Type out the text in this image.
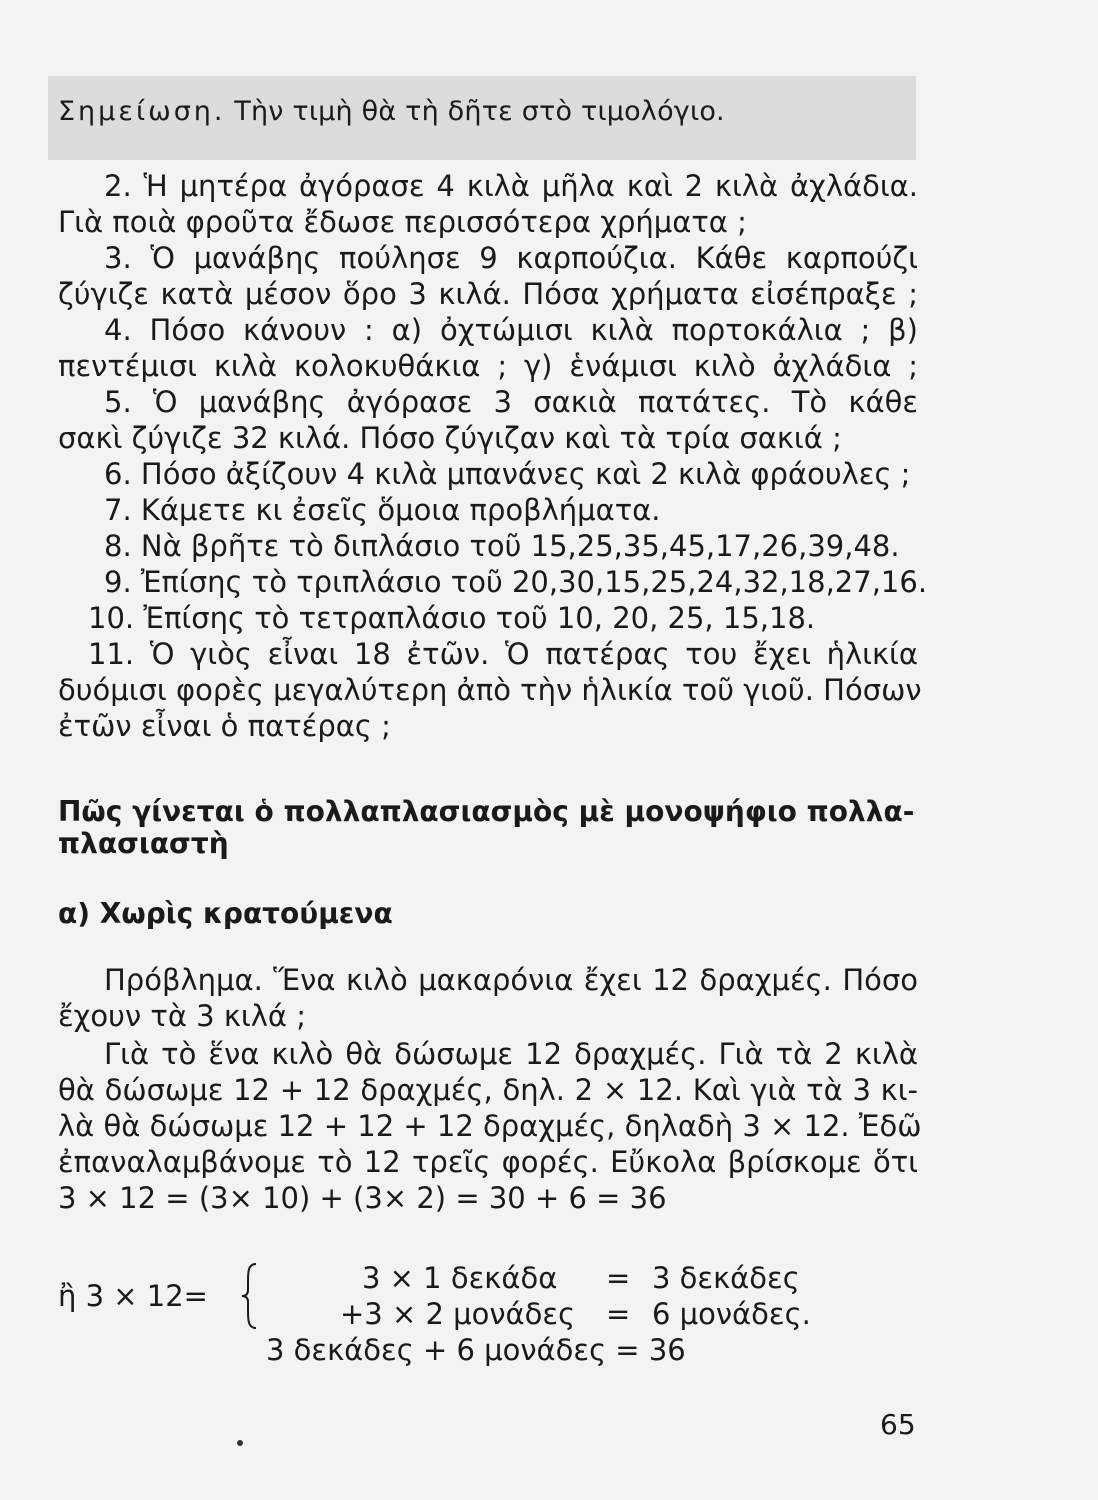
Σημείωση. Τὴν τιμὴ θὰ τὴ δῆτε στὸ τιμολόγιο.
2. Ἡ μητέρα ἀγόρασε 4 κιλὰ μῆλα καὶ 2 κιλὰ ἀχλάδια.
Γιὰ ποιὰ φροῦτα ἔδωσε περισσότερα χρήματα ;
3. Ὁ μανάβης πούλησε 9 καρπούζια. Κάθε καρπούζι
ζύγιζε κατὰ μέσον ὅρο 3 κιλά. Πόσα χρήματα εἰσέπραξε ;
4. Πόσο κάνουν : α) ὀχτώμισι κιλὰ πορτοκάλια ; β)
πεντέμισι κιλὰ κολοκυθάκια ; γ) ἑνάμισι κιλὸ ἀχλάδια ;
5. Ὁ μανάβης ἀγόρασε 3 σακιὰ πατάτες. Τὸ κάθε
σακὶ ζύγιζε 32 κιλά. Πόσο ζύγιζαν καὶ τὰ τρία σακιά ;
6. Πόσο ἀξίζουν 4 κιλὰ μπανάνες καὶ 2 κιλὰ φράουλες ;
7. Κάμετε κι ἐσεῖς ὅμοια προβλήματα.
8. Νὰ βρῆτε τὸ διπλάσιο τοῦ 15,25,35,45,17,26,39,48.
9. Ἐπίσης τὸ τριπλάσιο τοῦ 20,30,15,25,24,32,18,27,16.
10. Ἐπίσης τὸ τετραπλάσιο τοῦ 10, 20, 25, 15,18.
11. Ὁ γιὸς εἶναι 18 ἐτῶν. Ὁ πατέρας του ἔχει ἡλικία
δυόμισι φορὲς μεγαλύτερη ἀπὸ τὴν ἡλικία τοῦ γιοῦ. Πόσων
ἐτῶν εἶναι ὁ πατέρας ;
Πῶς γίνεται ὁ πολλαπλασιασμὸς μὲ μονοψήφιο πολλα-
πλασιαστὴ
α) Χωρὶς κρατούμενα
Πρόβλημα. Ἕνα κιλὸ μακαρόνια ἔχει 12 δραχμές. Πόσο
ἔχουν τὰ 3 κιλά ;
Γιὰ τὸ ἕνα κιλὸ θὰ δώσωμε 12 δραχμές. Γιὰ τὰ 2 κιλὰ
θὰ δώσωμε 12 + 12 δραχμές, δηλ. 2 × 12. Καὶ γιὰ τὰ 3 κι-
λὰ θὰ δώσωμε 12 + 12 + 12 δραχμές, δηλαδὴ 3 × 12. Ἐδῶ
ἐπαναλαμβάνομε τὸ 12 τρεῖς φορές. Εὔκολα βρίσκομε ὅτι
3 × 12 = (3× 10) + (3× 2) = 30 + 6 = 36
ἢ 3 × 12=
3 × 1 δεκάδα = 3 δεκάδες
+3 × 2 μονάδες = 6 μονάδες.
3 δεκάδες + 6 μονάδες = 36
65
